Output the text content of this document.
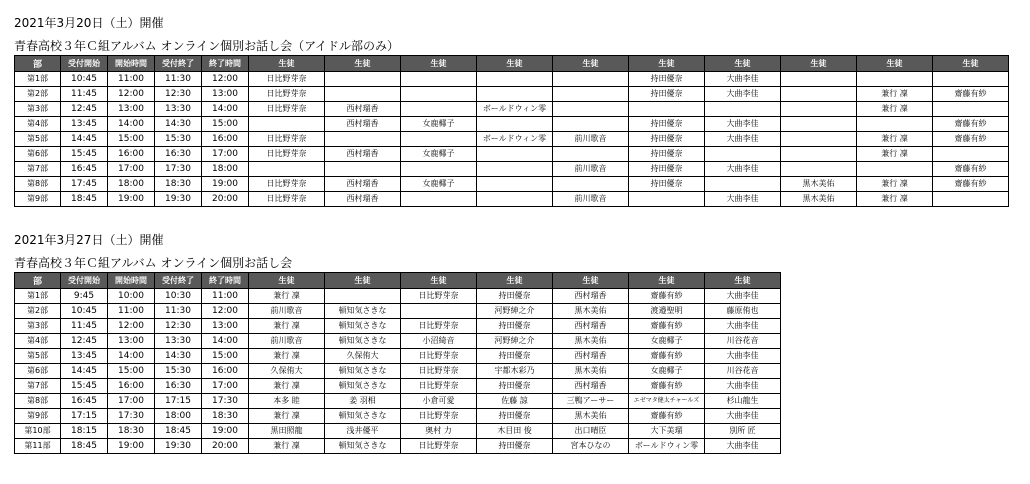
2021年3月20日（土）開催
青春高校３年Ｃ組アルバム オンライン個別お話し会（アイドル部のみ）
部	受付開始	開始時間	受付終了	終了時間	生徒	生徒	生徒	生徒	生徒	生徒	生徒	生徒	生徒	生徒
第1部	10:45	11:00	11:30	12:00	日比野芽奈					持田優奈	大曲李佳			
第2部	11:45	12:00	12:30	13:00	日比野芽奈					持田優奈	大曲李佳		兼行 凜	齋藤有紗
第3部	12:45	13:00	13:30	14:00	日比野芽奈	西村瑠香		ボールドウィン零					兼行 凜	
第4部	13:45	14:00	14:30	15:00		西村瑠香	女鹿椰子			持田優奈	大曲李佳			齋藤有紗
第5部	14:45	15:00	15:30	16:00	日比野芽奈			ボールドウィン零	前川歌音	持田優奈	大曲李佳		兼行 凜	齋藤有紗
第6部	15:45	16:00	16:30	17:00	日比野芽奈	西村瑠香	女鹿椰子			持田優奈			兼行 凜	
第7部	16:45	17:00	17:30	18:00					前川歌音	持田優奈	大曲李佳			齋藤有紗
第8部	17:45	18:00	18:30	19:00	日比野芽奈	西村瑠香	女鹿椰子			持田優奈		黒木美佑	兼行 凜	齋藤有紗
第9部	18:45	19:00	19:30	20:00	日比野芽奈	西村瑠香			前川歌音		大曲李佳	黒木美佑	兼行 凜	
2021年3月27日（土）開催
青春高校３年Ｃ組アルバム オンライン個別お話し会
部	受付開始	開始時間	受付終了	終了時間	生徒	生徒	生徒	生徒	生徒	生徒	生徒
第1部	9:45	10:00	10:30	11:00	兼行 凜		日比野芽奈	持田優奈	西村瑠香	齋藤有紗	大曲李佳
第2部	10:45	11:00	11:30	12:00	前川歌音	頓知気さきな		河野紳之介	黒木美佑	渡邉聖明	藤原侑也
第3部	11:45	12:00	12:30	13:00	兼行 凜	頓知気さきな	日比野芽奈	持田優奈	西村瑠香	齋藤有紗	大曲李佳
第4部	12:45	13:00	13:30	14:00	前川歌音	頓知気さきな	小沼綺音	河野紳之介	黒木美佑	女鹿椰子	川谷花音
第5部	13:45	14:00	14:30	15:00	兼行 凜	久保侑大	日比野芽奈	持田優奈	西村瑠香	齋藤有紗	大曲李佳
第6部	14:45	15:00	15:30	16:00	久保侑大	頓知気さきな	日比野芽奈	宇都木彩乃	黒木美佑	女鹿椰子	川谷花音
第7部	15:45	16:00	16:30	17:00	兼行 凜	頓知気さきな	日比野芽奈	持田優奈	西村瑠香	齋藤有紗	大曲李佳
第8部	16:45	17:00	17:15	17:30	本多 睦	姜 羽相	小倉可愛	佐藤 諒	三鴨アーサー	エゼマタ健太チャールズ	杉山龍生
第9部	17:15	17:30	18:00	18:30	兼行 凜	頓知気さきな	日比野芽奈	持田優奈	黒木美佑	齋藤有紗	大曲李佳
第10部	18:15	18:30	18:45	19:00	黒田照龍	浅井優平	奥村 力	木目田 俊	出口晴臣	大下美瑠	別所 匠
第11部	18:45	19:00	19:30	20:00	兼行 凜	頓知気さきな	日比野芽奈	持田優奈	宮本ひなの	ボールドウィン零	大曲李佳
